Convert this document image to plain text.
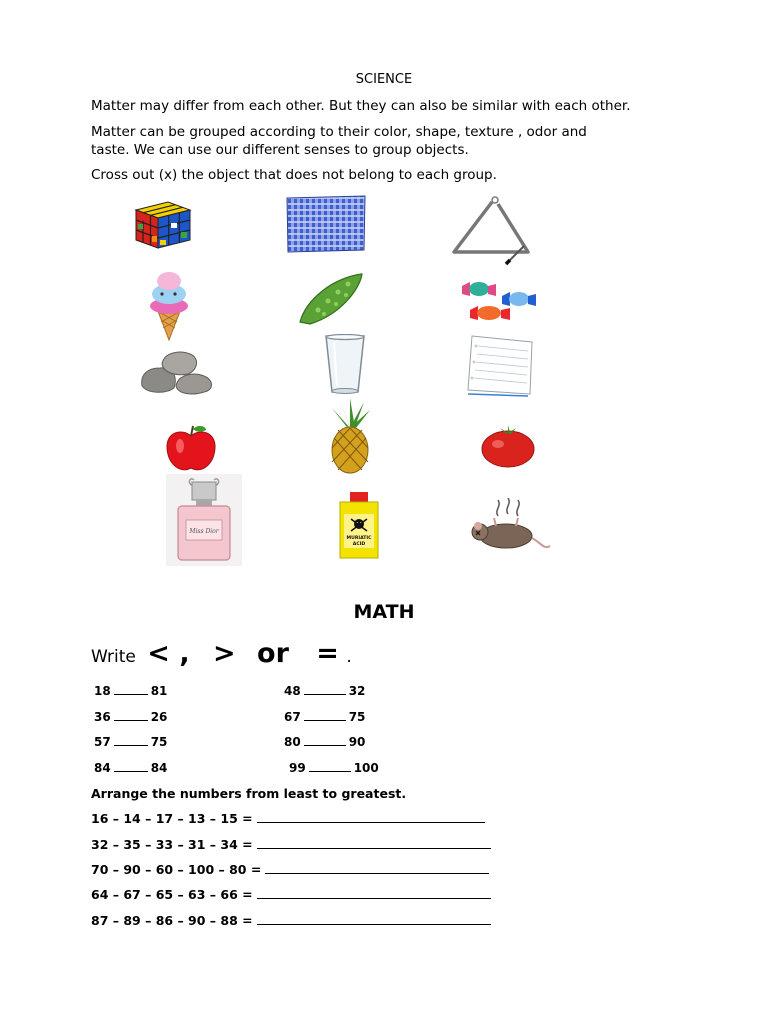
SCIENCE
Matter may differ from each other. But they can also be similar with each other.
Matter can be grouped according to their color, shape, texture , odor and
taste. We can use our different senses to group objects.
Cross out (x) the object that does not belong to each group.
Miss Dior
MURIATIC
ACID
MATH
Write < , > or = .
18	81	48	32
36	26	67	75
57	75	80	90
84	84	99	100
Arrange the numbers from least to greatest.
16 – 14 – 17 – 13 – 15 =
32 – 35 – 33 – 31 – 34 =
70 – 90 – 60 – 100 – 80 =
64 – 67 – 65 – 63 – 66 =
87 – 89 – 86 – 90 – 88 =
